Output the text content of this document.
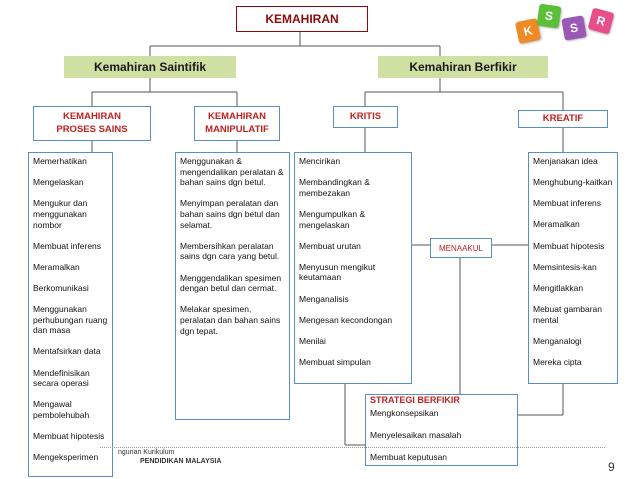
K
S
S	R
KEMAHIRAN
Kemahiran Saintifik	Kemahiran Berfikir
KEMAHIRAN PROSES SAINS
KEMAHIRAN MANIPULATIF
KRITIS	KREATIF
Memerhatikan
Mengelaskan
Mengukur dan menggunakan nombor
Membuat inferens
Meramalkan
Berkomunikasi
Menggunakan perhubungan ruang dan masa
Mentafsirkan data
Mendefinisikan secara operasi
Mengawal pembolehubah
Membuat hipotesis
Mengeksperimen
Menggunakan & mengendalikan peralatan & bahan sains dgn betul.
Menyimpan peralatan dan bahan sains dgn betul dan selamat.
Membersihkan peralatan sains dgn cara yang betul.
Menggendalikan spesimen dengan betul dan cermat.
Melakar spesimen, peralatan dan bahan sains dgn tepat.
Mencirikan
Membandingkan & membezakan
Mengumpulkan & mengelaskan
Membuat urutan
Menyusun mengikut keutamaan
Menganalisis
Mengesan kecondongan
Menilai
Membuat simpulan
Menjanakan idea
Menghubung-kaitkan
Membuat inferens
Meramalkan
Membuat hipotesis
Memsintesis-kan
Mengitlakkan
Mebuat gambaran mental
Menganalogi
Mereka cipta
MENAAKUL
STRATEGI BERFIKIR
Mengkonsepsikan
Menyelesaikan masalah
Membuat keputusan
ngunan Kurikulum
PENDIDIKAN MALAYSIA	9
